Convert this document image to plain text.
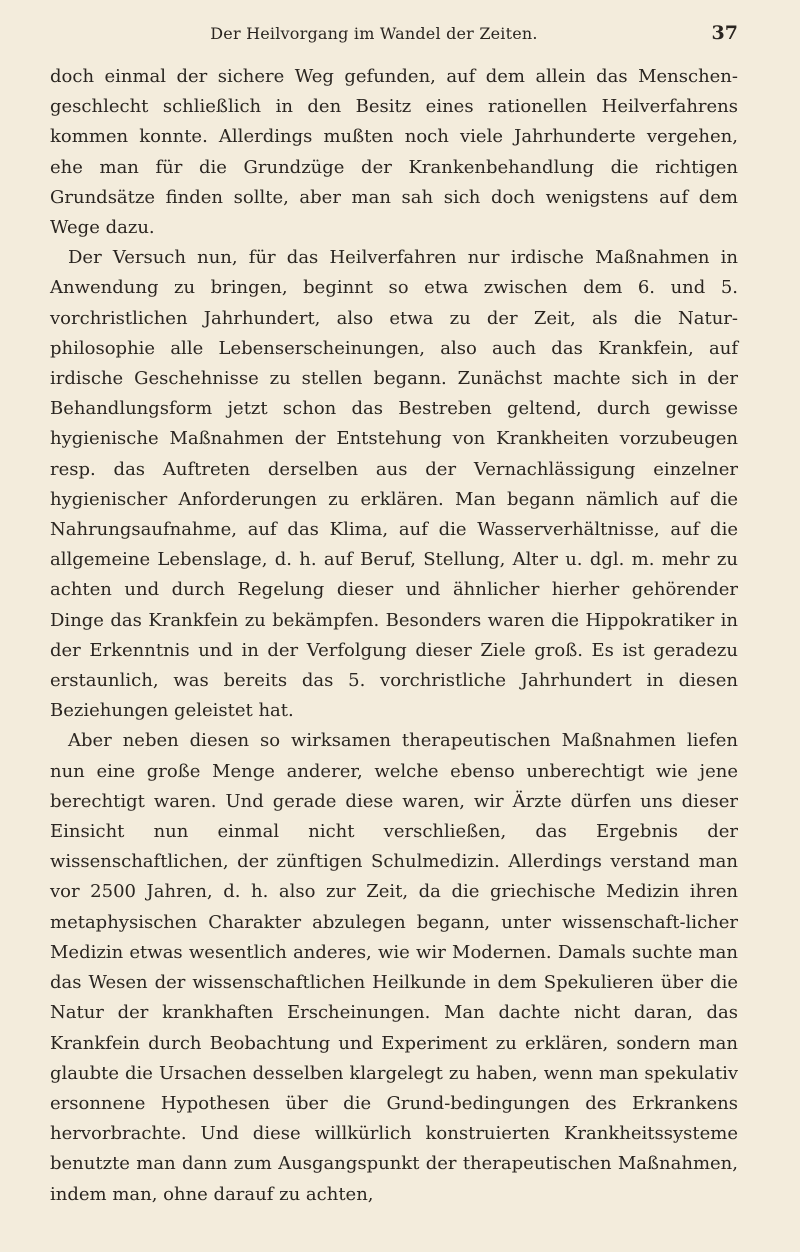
Der Heilvorgang im Wandel der Zeiten.	37

doch einmal der sichere Weg gefunden, auf dem allein das Menschen-geschlecht schließlich in den Besitz eines rationellen Heilverfahrens kommen konnte. Allerdings mußten noch viele Jahrhunderte vergehen, ehe man für die Grundzüge der Krankenbehandlung die richtigen Grundsätze finden sollte, aber man sah sich doch wenigstens auf dem Wege dazu.

Der Versuch nun, für das Heilverfahren nur irdische Maßnahmen in Anwendung zu bringen, beginnt so etwa zwischen dem 6. und 5. vorchristlichen Jahrhundert, also etwa zu der Zeit, als die Natur-philosophie alle Lebenserscheinungen, also auch das Krankfein, auf irdische Geschehnisse zu stellen begann. Zunächst machte sich in der Behandlungsform jetzt schon das Bestreben geltend, durch gewisse hygienische Maßnahmen der Entstehung von Krankheiten vorzubeugen resp. das Auftreten derselben aus der Vernachlässigung einzelner hygienischer Anforderungen zu erklären. Man begann nämlich auf die Nahrungsaufnahme, auf das Klima, auf die Wasserverhältnisse, auf die allgemeine Lebenslage, d. h. auf Beruf, Stellung, Alter u. dgl. m. mehr zu achten und durch Regelung dieser und ähnlicher hierher gehörender Dinge das Krankfein zu bekämpfen. Besonders waren die Hippokratiker in der Erkenntnis und in der Verfolgung dieser Ziele groß. Es ist geradezu erstaunlich, was bereits das 5. vorchristliche Jahrhundert in diesen Beziehungen geleistet hat.

Aber neben diesen so wirksamen therapeutischen Maßnahmen liefen nun eine große Menge anderer, welche ebenso unberechtigt wie jene berechtigt waren. Und gerade diese waren, wir Ärzte dürfen uns dieser Einsicht nun einmal nicht verschließen, das Ergebnis der wissenschaftlichen, der zünftigen Schulmedizin. Allerdings verstand man vor 2500 Jahren, d. h. also zur Zeit, da die griechische Medizin ihren metaphysischen Charakter abzulegen begann, unter wissenschaft-licher Medizin etwas wesentlich anderes, wie wir Modernen. Damals suchte man das Wesen der wissenschaftlichen Heilkunde in dem Spekulieren über die Natur der krankhaften Erscheinungen. Man dachte nicht daran, das Krankfein durch Beobachtung und Experiment zu erklären, sondern man glaubte die Ursachen desselben klargelegt zu haben, wenn man spekulativ ersonnene Hypothesen über die Grund-bedingungen des Erkrankens hervorbrachte. Und diese willkürlich konstruierten Krankheitssysteme benutzte man dann zum Ausgangspunkt der therapeutischen Maßnahmen, indem man, ohne darauf zu achten,
